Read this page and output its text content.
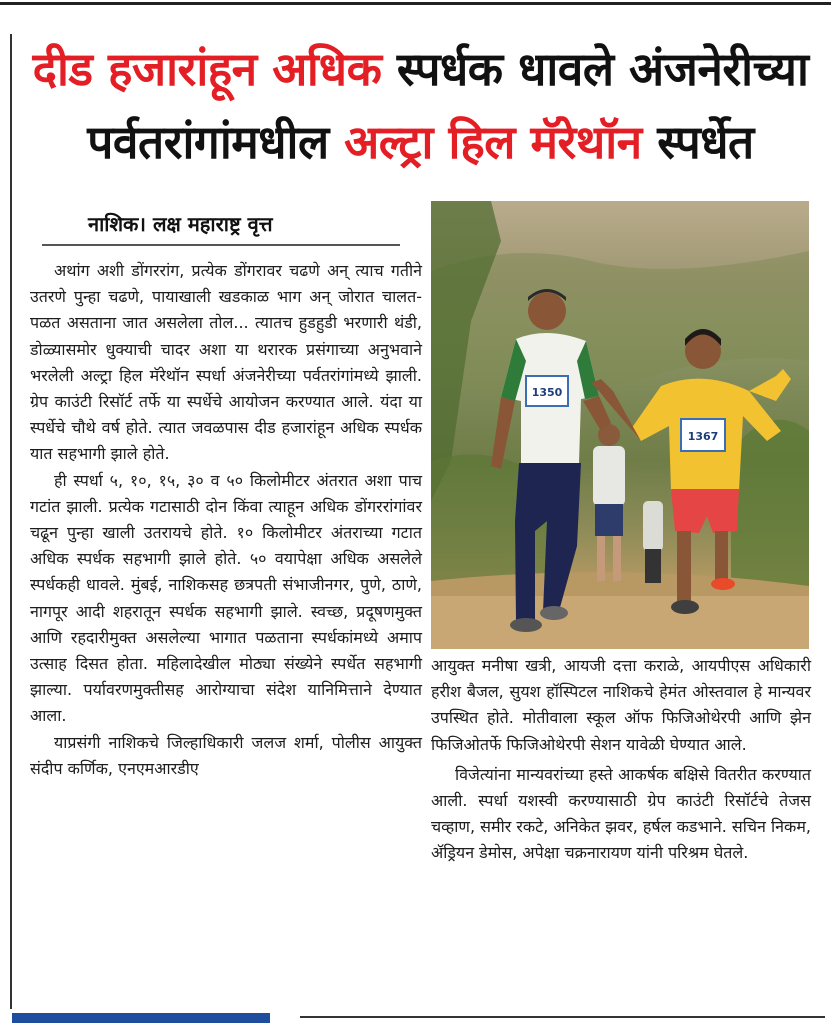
दीड हजारांहून अधिक स्पर्धक धावले अंजनेरीच्या
पर्वतरांगांमधील अल्ट्रा हिल मॅरेथॉन स्पर्धेत
नाशिक। लक्ष महाराष्ट्र वृत्त

अथांग अशी डोंगररांग, प्रत्येक डोंगरावर चढणे अन् त्याच गतीने उतरणे पुन्हा चढणे, पायाखाली खडकाळ भाग अन् जोरात चालत- पळत असताना जात असलेला तोल... त्यातच हुडहुडी भरणारी थंडी, डोळ्यासमोर धुक्याची चादर अशा या थरारक प्रसंगाच्या अनुभवाने भरलेली अल्ट्रा हिल मॅरेथॉन स्पर्धा अंजनेरीच्या पर्वतरांगांमध्ये झाली. ग्रेप काउंटी रिसॉर्ट तर्फे या स्पर्धेचे आयोजन करण्यात आले. यंदा या स्पर्धेचे चौथे वर्ष होते. त्यात जवळपास दीड हजारांहून अधिक स्पर्धक यात सहभागी झाले होते.

ही स्पर्धा ५, १०, १५, ३० व ५० किलोमीटर अंतरात अशा पाच गटांत झाली. प्रत्येक गटासाठी दोन किंवा त्याहून अधिक डोंगररांगांवर चढून पुन्हा खाली उतरायचे होते. १० किलोमीटर अंतराच्या गटात अधिक स्पर्धक सहभागी झाले होते. ५० वयापेक्षा अधिक असलेले स्पर्धकही धावले. मुंबई, नाशिकसह छत्रपती संभाजीनगर, पुणे, ठाणे, नागपूर आदी शहरातून स्पर्धक सहभागी झाले. स्वच्छ, प्रदूषणमुक्त आणि रहदारीमुक्त असलेल्या भागात पळताना स्पर्धकांमध्ये अमाप उत्साह दिसत होता. महिलादेखील मोठ्या संख्येने स्पर्धेत सहभागी झाल्या. पर्यावरणमुक्तीसह आरोग्याचा संदेश यानिमित्ताने देण्यात आला.

याप्रसंगी नाशिकचे जिल्हाधिकारी जलज शर्मा, पोलीस आयुक्त संदीप कर्णिक, एनएमआरडीए

1350
1367

आयुक्त मनीषा खत्री, आयजी दत्ता कराळे, आयपीएस अधिकारी हरीश बैजल, सुयश हॉस्पिटल नाशिकचे हेमंत ओस्तवाल हे मान्यवर उपस्थित होते. मोतीवाला स्कूल ऑफ फिजिओथेरपी आणि झेन फिजिओतर्फे फिजिओथेरपी सेशन यावेळी घेण्यात आले.

विजेत्यांना मान्यवरांच्या हस्ते आकर्षक बक्षिसे वितरीत करण्यात आली. स्पर्धा यशस्वी करण्यासाठी ग्रेप काउंटी रिसॉर्टचे तेजस चव्हाण, समीर रकटे, अनिकेत झवर, हर्षल कडभाने. सचिन निकम, ॲड्रियन डेमोस, अपेक्षा चक्रनारायण यांनी परिश्रम घेतले.
